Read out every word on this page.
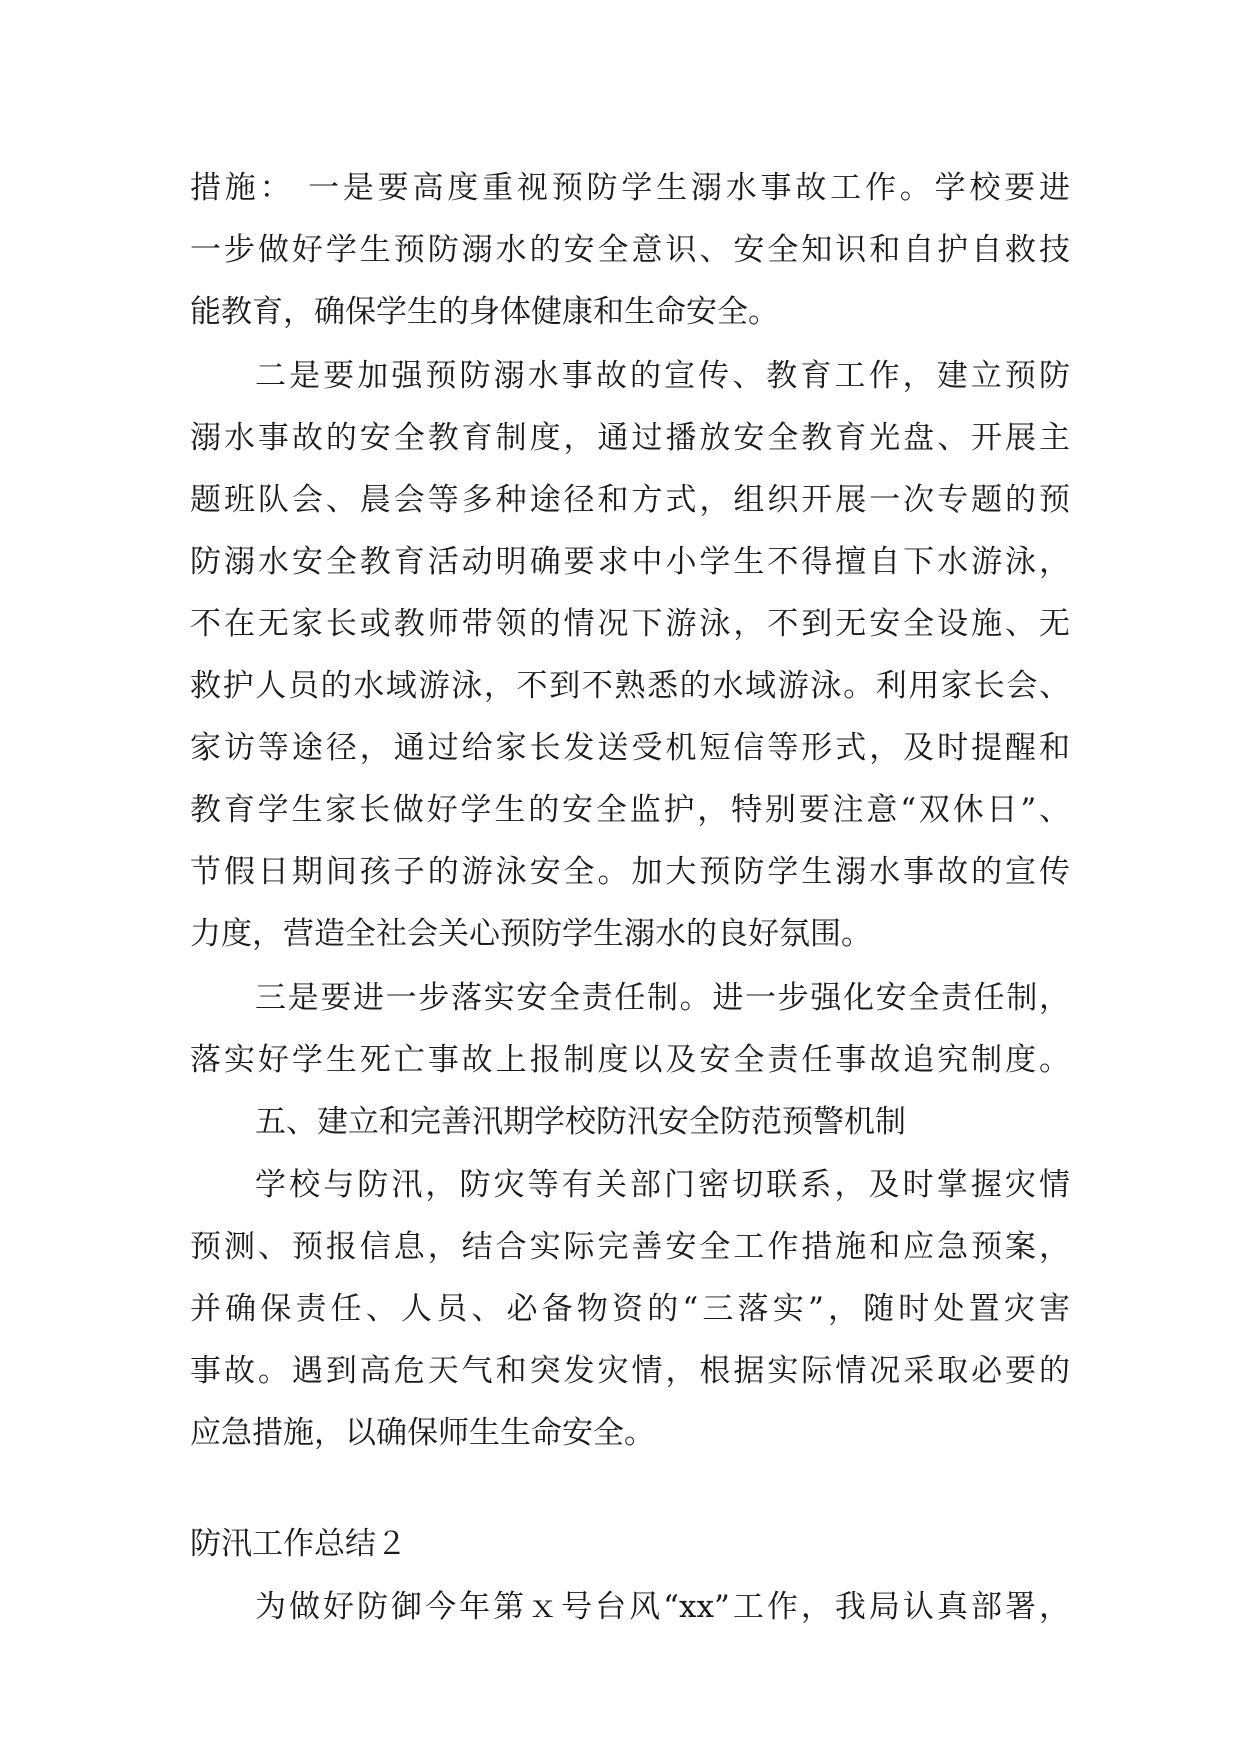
措施： 一是要高度重视预防学生溺水事故工作。学校要进
一步做好学生预防溺水的安全意识、安全知识和自护自救技
能教育，确保学生的身体健康和生命安全。
二是要加强预防溺水事故的宣传、教育工作，建立预防
溺水事故的安全教育制度，通过播放安全教育光盘、开展主
题班队会、晨会等多种途径和方式，组织开展一次专题的预
防溺水安全教育活动明确要求中小学生不得擅自下水游泳，
不在无家长或教师带领的情况下游泳，不到无安全设施、无
救护人员的水域游泳，不到不熟悉的水域游泳。利用家长会、
家访等途径，通过给家长发送受机短信等形式，及时提醒和
教育学生家长做好学生的安全监护，特别要注意“双休日”、
节假日期间孩子的游泳安全。加大预防学生溺水事故的宣传
力度，营造全社会关心预防学生溺水的良好氛围。
三是要进一步落实安全责任制。进一步强化安全责任制，
落实好学生死亡事故上报制度以及安全责任事故追究制度。
五、建立和完善汛期学校防汛安全防范预警机制
学校与防汛，防灾等有关部门密切联系，及时掌握灾情
预测、预报信息，结合实际完善安全工作措施和应急预案，
并确保责任、人员、必备物资的“三落实”，随时处置灾害
事故。遇到高危天气和突发灾情，根据实际情况采取必要的
应急措施，以确保师生生命安全。
防汛工作总结２
为做好防御今年第ｘ号台风“xx”工作，我局认真部署，
